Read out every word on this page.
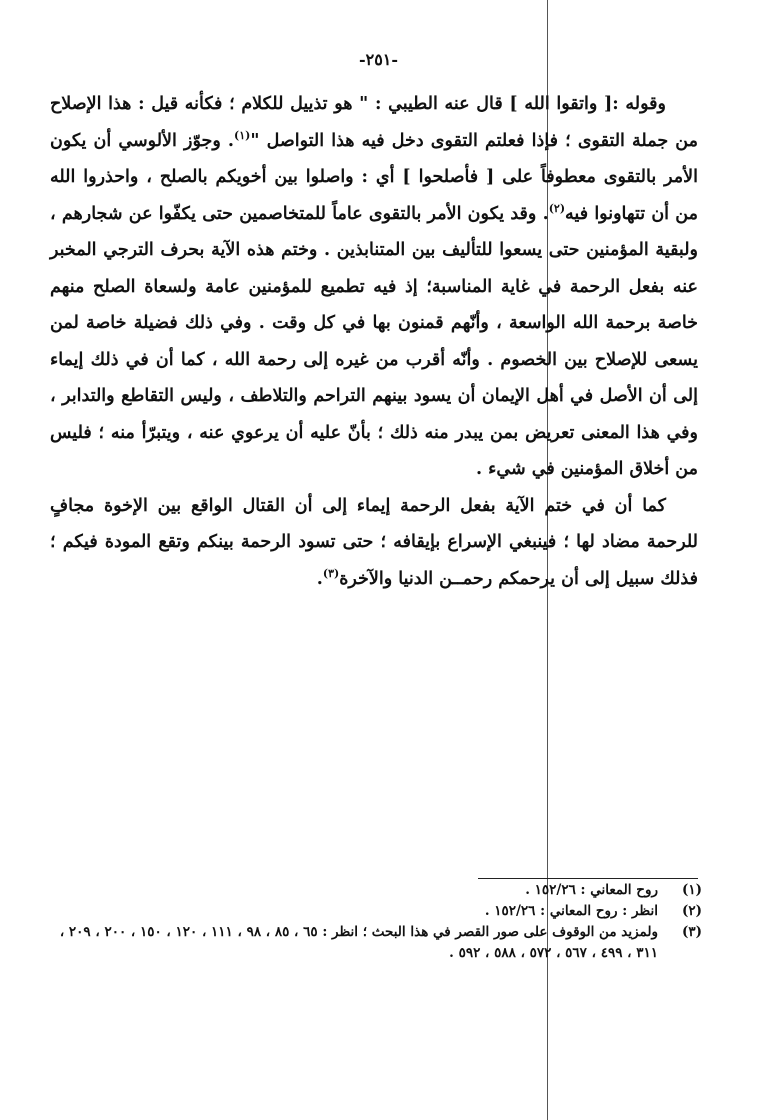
-٢٥١-

وقوله :[ واتقوا الله ] قال عنه الطيبي : " هو تذييل للكلام ؛ فكأنه قيل : هذا الإصلاح من جملة التقوى ؛ فإذا فعلتم التقوى دخل فيه هذا التواصل "$^{(١)}$. وجوّز الألوسي أن يكون الأمر بالتقوى معطوفاً على [ فأصلحوا ] أي : واصلوا بين أخويكم بالصلح ، واحذروا الله من أن تتهاونوا فيه$^{(٢)}$. وقد يكون الأمر بالتقوى عاماً للمتخاصمين حتى يكفّوا عن شجارهم ، ولبقية المؤمنين حتى يسعوا للتأليف بين المتنابذين . وختم هذه الآية بحرف الترجي المخبر عنه بفعل الرحمة في غاية المناسبة؛ إذ فيه تطميع للمؤمنين عامة ولسعاة الصلح منهم خاصة برحمة الله الواسعة ، وأنّهم قمنون بها في كل وقت . وفي ذلك فضيلة خاصة لمن يسعى للإصلاح بين الخصوم . وأنّه أقرب من غيره إلى رحمة الله ، كما أن في ذلك إيماء إلى أن الأصل في أهل الإيمان أن يسود بينهم التراحم والتلاطف ، وليس التقاطع والتدابر ، وفي هذا المعنى تعريض بمن يبدر منه ذلك ؛ بأنّ عليه أن يرعوي عنه ، ويتبرّأ منه ؛ فليس من أخلاق المؤمنين في شيء .

كما أن في ختم الآية بفعل الرحمة إيماء إلى أن القتال الواقع بين الإخوة مجافٍ للرحمة مضاد لها ؛ فينبغي الإسراع بإيقافه ؛ حتى تسود الرحمة بينكم وتقع المودة فيكم ؛ فذلك سبيل إلى أن يرحمكم رحمــن الدنيا والآخرة$^{(٣)}$.

(١)
روح المعاني : ١٥٢/٢٦ .
(٢)
انظر : روح المعاني : ١٥٢/٢٦ .
(٣)
ولمزيد من الوقوف على صور القصر في هذا البحث ؛ انظر : ٦٥ ، ٨٥ ، ٩٨ ، ١١١ ، ١٢٠ ، ١٥٠ ، ٢٠٠ ، ٢٠٩ ، ٣١١ ، ٤٩٩ ، ٥٦٧ ، ٥٧٢ ، ٥٨٨ ، ٥٩٢ .
